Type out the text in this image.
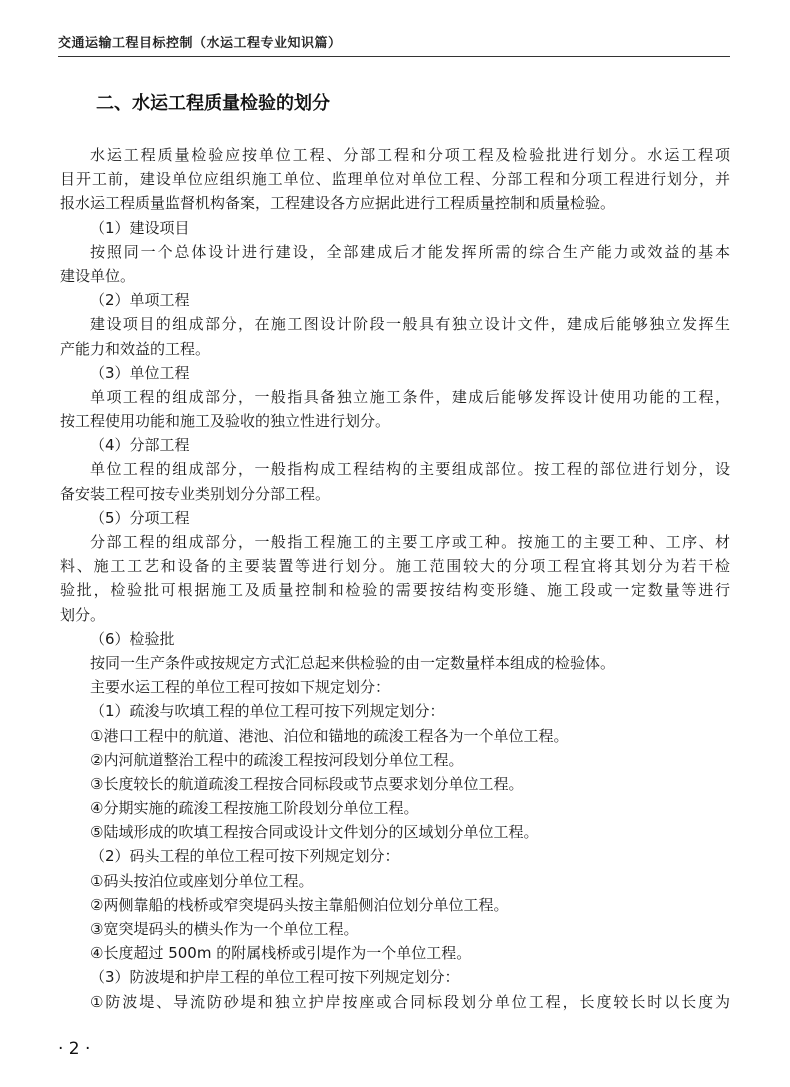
交通运输工程目标控制（水运工程专业知识篇）
二、水运工程质量检验的划分
水运工程质量检验应按单位工程、分部工程和分项工程及检验批进行划分。水运工程项
目开工前，建设单位应组织施工单位、监理单位对单位工程、分部工程和分项工程进行划分，并
报水运工程质量监督机构备案，工程建设各方应据此进行工程质量控制和质量检验。
（1）建设项目
按照同一个总体设计进行建设，全部建成后才能发挥所需的综合生产能力或效益的基本
建设单位。
（2）单项工程
建设项目的组成部分，在施工图设计阶段一般具有独立设计文件，建成后能够独立发挥生
产能力和效益的工程。
（3）单位工程
单项工程的组成部分，一般指具备独立施工条件，建成后能够发挥设计使用功能的工程，
按工程使用功能和施工及验收的独立性进行划分。
（4）分部工程
单位工程的组成部分，一般指构成工程结构的主要组成部位。按工程的部位进行划分，设
备安装工程可按专业类别划分分部工程。
（5）分项工程
分部工程的组成部分，一般指工程施工的主要工序或工种。按施工的主要工种、工序、材
料、施工工艺和设备的主要装置等进行划分。施工范围较大的分项工程宜将其划分为若干检
验批，检验批可根据施工及质量控制和检验的需要按结构变形缝、施工段或一定数量等进行
划分。
（6）检验批
按同一生产条件或按规定方式汇总起来供检验的由一定数量样本组成的检验体。
主要水运工程的单位工程可按如下规定划分：
（1）疏浚与吹填工程的单位工程可按下列规定划分：
①港口工程中的航道、港池、泊位和锚地的疏浚工程各为一个单位工程。
②内河航道整治工程中的疏浚工程按河段划分单位工程。
③长度较长的航道疏浚工程按合同标段或节点要求划分单位工程。
④分期实施的疏浚工程按施工阶段划分单位工程。
⑤陆域形成的吹填工程按合同或设计文件划分的区域划分单位工程。
（2）码头工程的单位工程可按下列规定划分：
①码头按泊位或座划分单位工程。
②两侧靠船的栈桥或窄突堤码头按主靠船侧泊位划分单位工程。
③宽突堤码头的横头作为一个单位工程。
④长度超过 500m 的附属栈桥或引堤作为一个单位工程。
（3）防波堤和护岸工程的单位工程可按下列规定划分：
①防波堤、导流防砂堤和独立护岸按座或合同标段划分单位工程，长度较长时以长度为
· 2 ·
